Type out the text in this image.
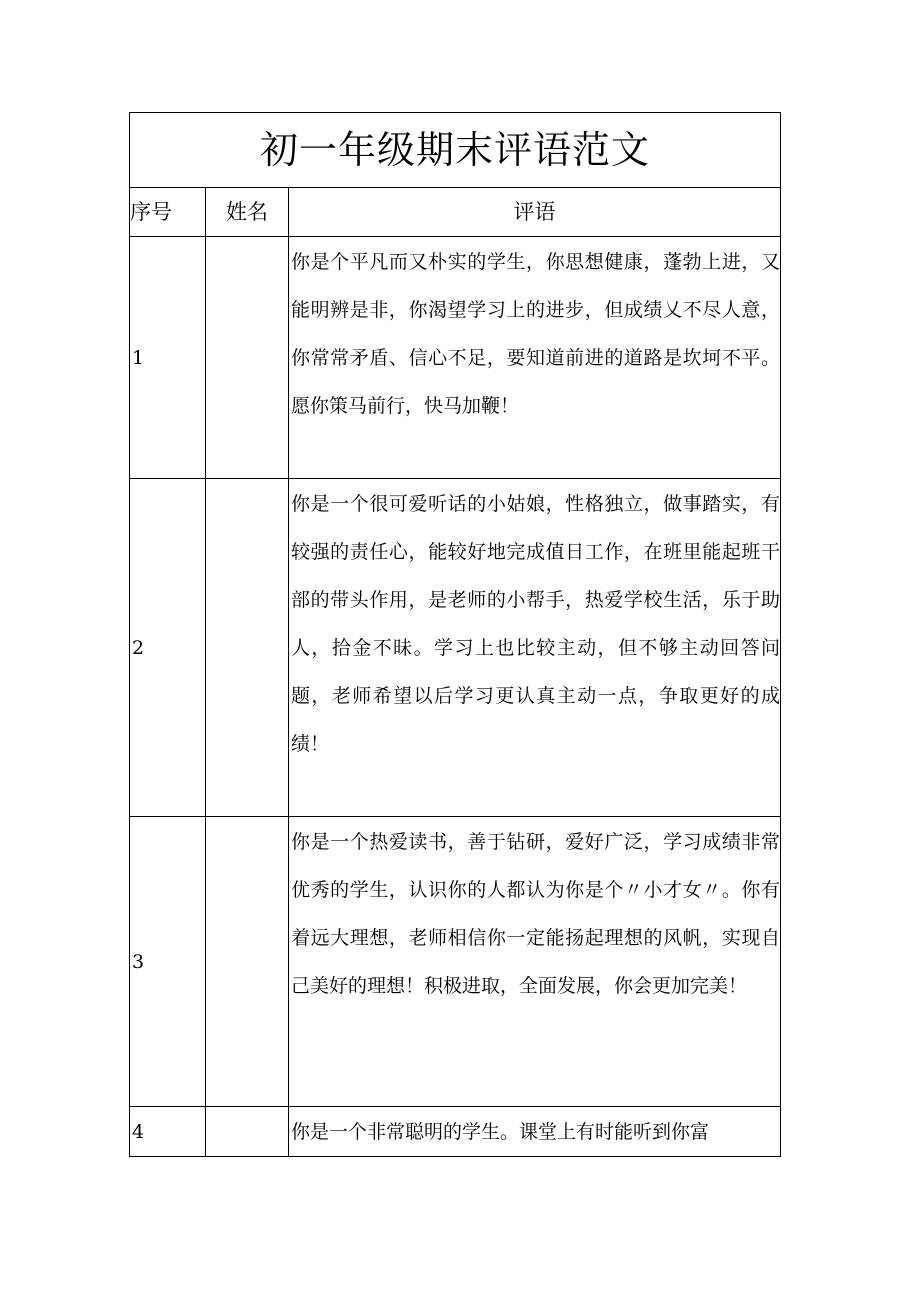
初一年级期末评语范文		
序号	姓名	评语
1		你是个平凡而又朴实的学生，你思想健康，蓬勃上进，又能明辨是非，你渴望学习上的进步，但成绩乂不尽人意，你常常矛盾、信心不足，要知道前进的道路是坎坷不平。愿你策马前行，快马加鞭！

2		你是一个很可爱听话的小姑娘，性格独立，做事踏实，有较强的责任心，能较好地完成值日工作，在班里能起班干部的带头作用，是老师的小帮手，热爱学校生活，乐于助人，拾金不昧。学习上也比较主动，但不够主动回答问题，老师希望以后学习更认真主动一点，争取更好的成绩！

3		你是一个热爱读书，善于钻研，爱好广泛，学习成绩非常优秀的学生，认识你的人都认为你是个〃小才女〃。你有着远大理想，老师相信你一定能扬起理想的风帆，实现自己美好的理想！积极进取，全面发展，你会更加完美！

4		你是一个非常聪明的学生。课堂上有时能听到你富
